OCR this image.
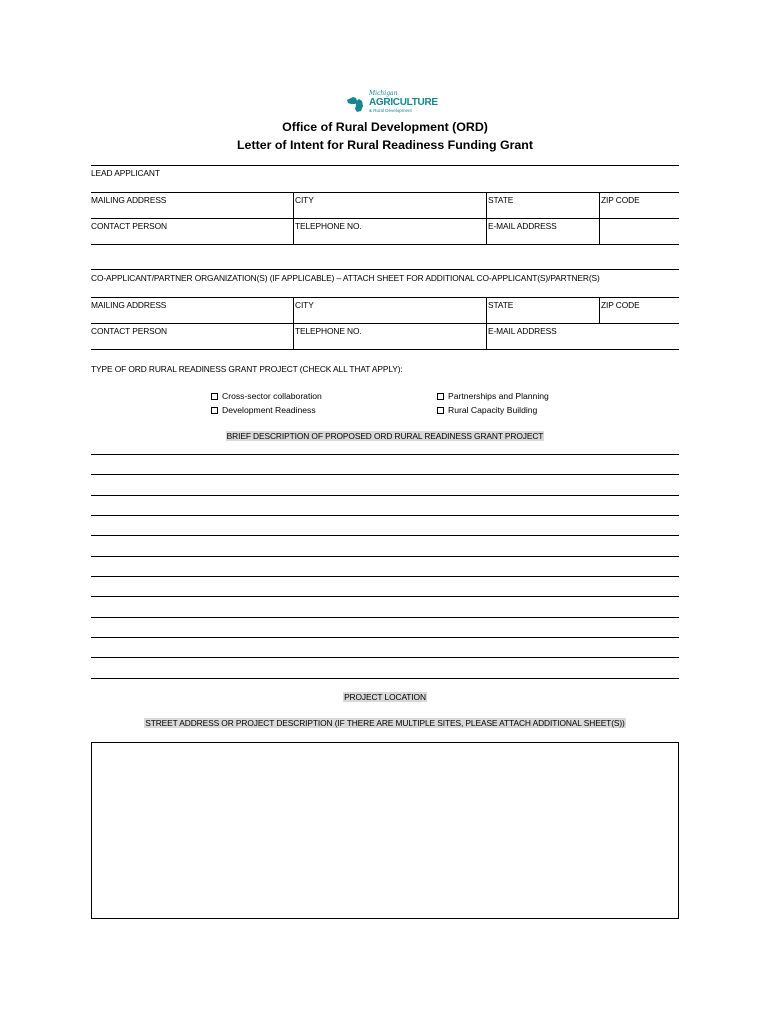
Michigan
AGRICULTURE
& Rural Development
Office of Rural Development (ORD)
Letter of Intent for Rural Readiness Funding Grant
LEAD APPLICANT
MAILING ADDRESS	CITY	STATE	ZIP CODE
CONTACT PERSON	TELEPHONE NO.	E-MAIL ADDRESS
CO-APPLICANT/PARTNER ORGANIZATION(S) (IF APPLICABLE) – ATTACH SHEET FOR ADDITIONAL CO-APPLICANT(S)/PARTNER(S)
MAILING ADDRESS	CITY	STATE	ZIP CODE
CONTACT PERSON	TELEPHONE NO.	E-MAIL ADDRESS
TYPE OF ORD RURAL READINESS GRANT PROJECT (CHECK ALL THAT APPLY):
Cross-sector collaboration
Development Readiness
Partnerships and Planning
Rural Capacity Building
BRIEF DESCRIPTION OF PROPOSED ORD RURAL READINESS GRANT PROJECT
PROJECT LOCATION
STREET ADDRESS OR PROJECT DESCRIPTION (IF THERE ARE MULTIPLE SITES, PLEASE ATTACH ADDITIONAL SHEET(S))
